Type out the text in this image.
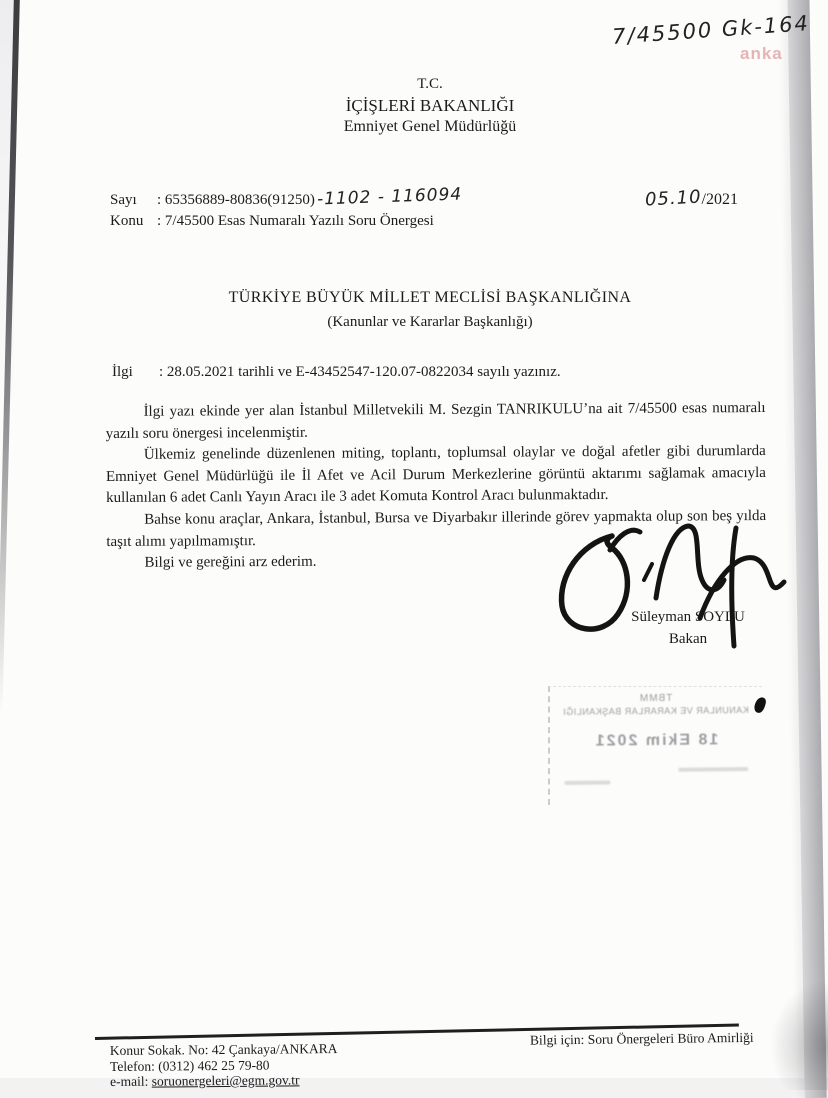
7/45500 Gk-164
anka
T.C.
İÇİŞLERİ BAKANLIĞI
Emniyet Genel Müdürlüğü
Sayı	: 65356889-80836(91250) -1102 - 116094
Konu : 7/45500 Esas Numaralı Yazılı Soru Önergesi
05.10/2021
TÜRKİYE BÜYÜK MİLLET MECLİSİ BAŞKANLIĞINA
(Kanunlar ve Kararlar Başkanlığı)
İlgi	: 28.05.2021 tarihli ve E-43452547-120.07-0822034 sayılı yazınız.

İlgi yazı ekinde yer alan İstanbul Milletvekili M. Sezgin TANRIKULU’na ait 7/45500 esas numaralı yazılı soru önergesi incelenmiştir.

Ülkemiz genelinde düzenlenen miting, toplantı, toplumsal olaylar ve doğal afetler gibi durumlarda Emniyet Genel Müdürlüğü ile İl Afet ve Acil Durum Merkezlerine görüntü aktarımı sağlamak amacıyla kullanılan 6 adet Canlı Yayın Aracı ile 3 adet Komuta Kontrol Aracı bulunmaktadır.

Bahse konu araçlar, Ankara, İstanbul, Bursa ve Diyarbakır illerinde görev yapmakta olup son beş yılda taşıt alımı yapılmamıştır.

Bilgi ve gereğini arz ederim.

Süleyman SOYLU
Bakan
TBMM
KANUNLAR VE KARARLAR BAŞKANLIĞI
18 Ekim 2021
Konur Sokak. No: 42 Çankaya/ANKARA
Telefon: (0312) 462 25 79-80
e-mail: soruonergeleri@egm.gov.tr
Bilgi için: Soru Önergeleri Büro Amirliği
